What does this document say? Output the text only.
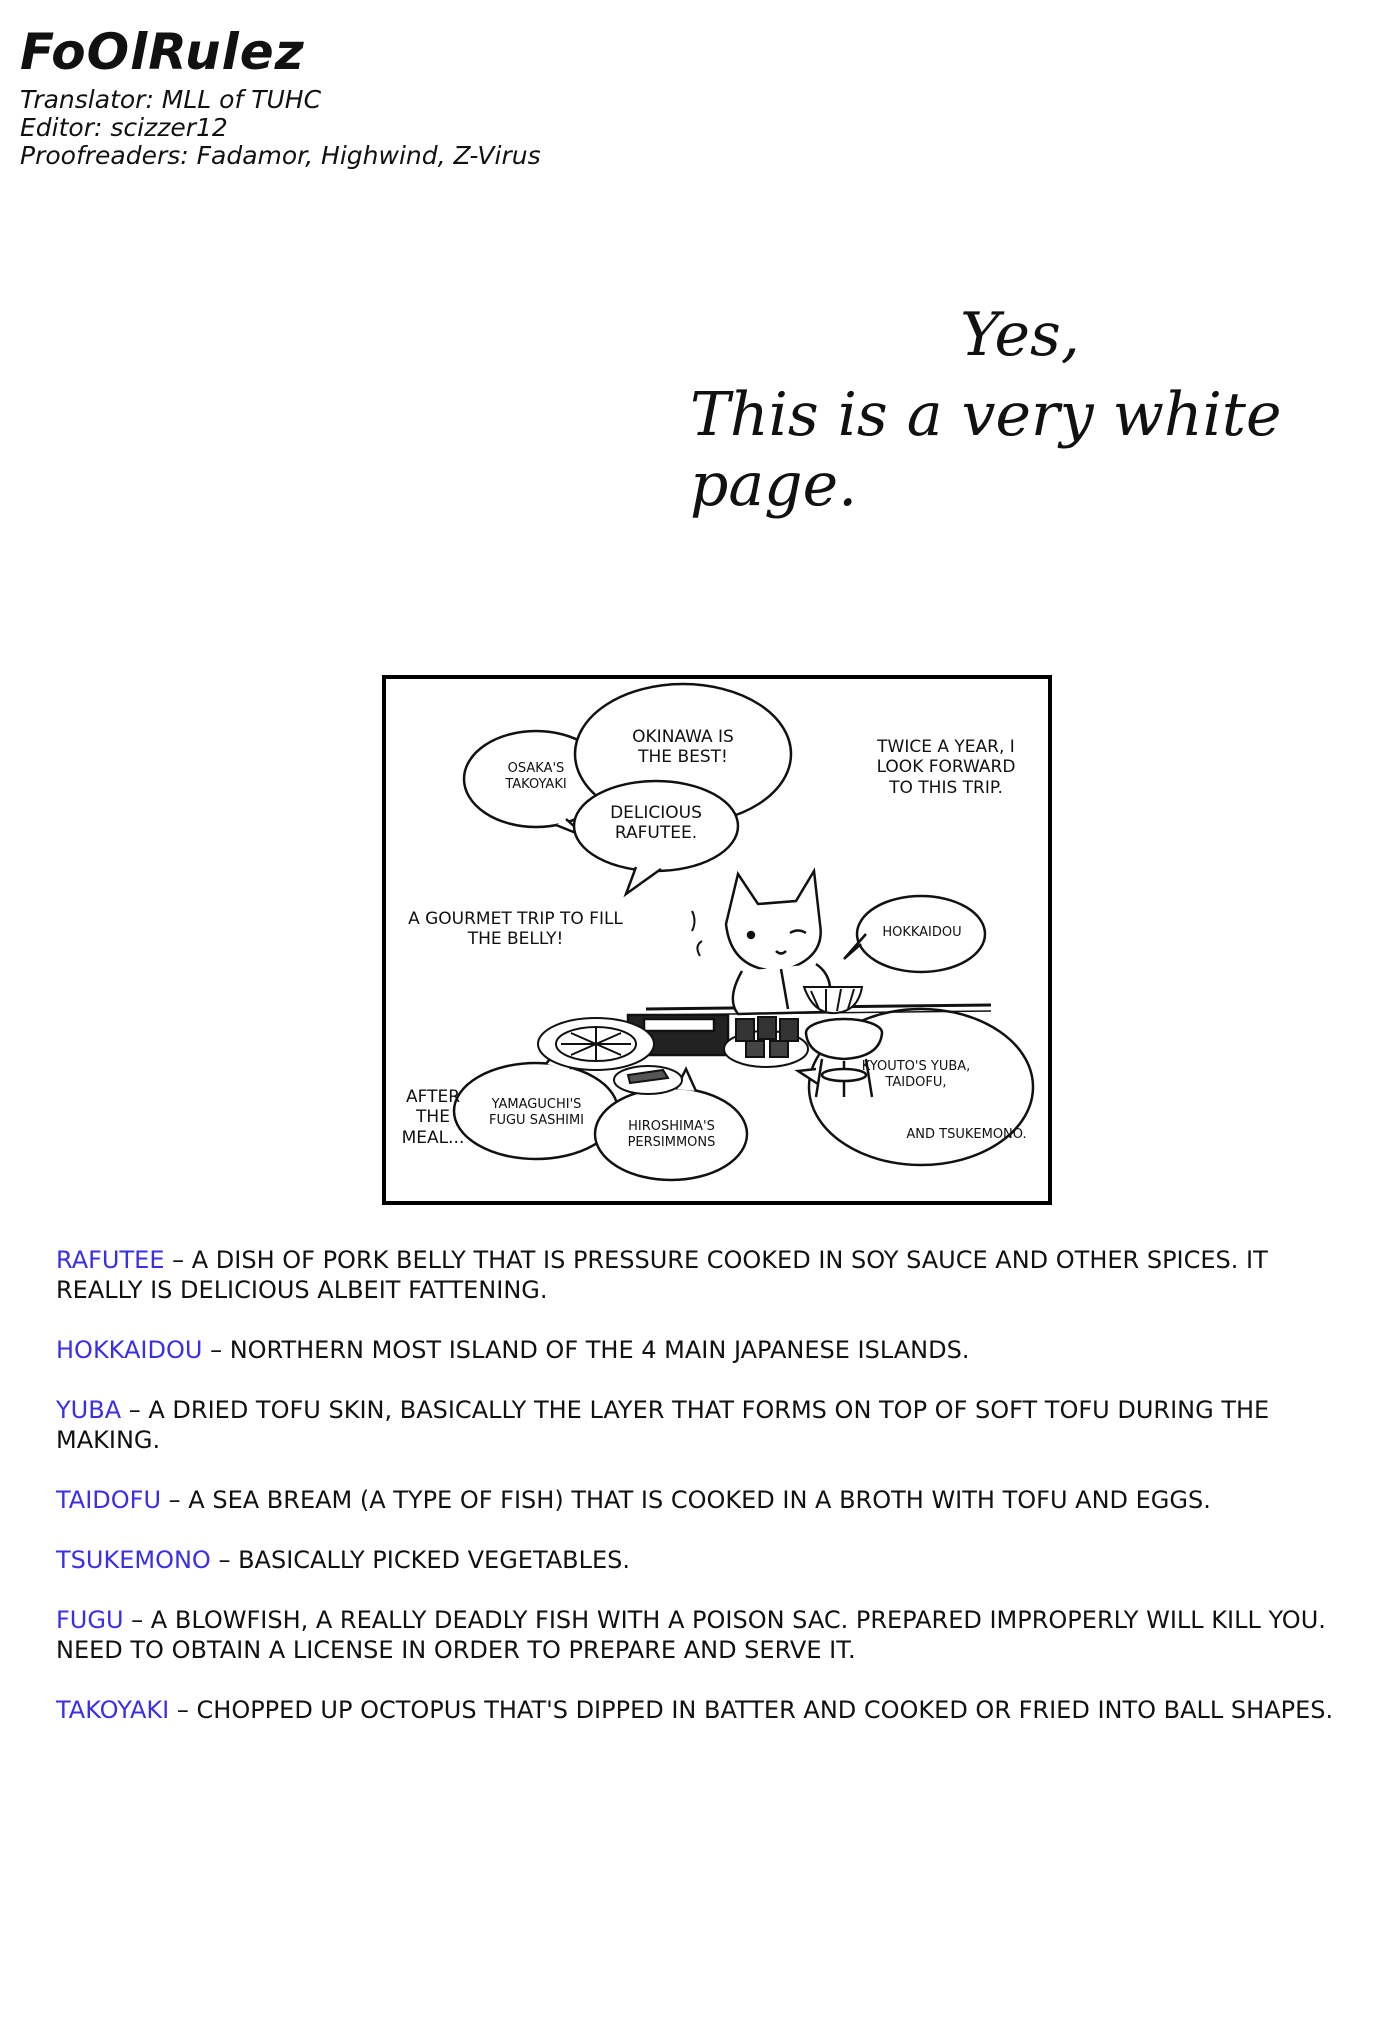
FoOlRulez
Translator: MLL of TUHC
Editor: scizzer12
Proofreaders: Fadamor, Highwind, Z-Virus
Yes,
This is a very white page.
OSAKA'S TAKOYAKI
OKINAWA IS THE BEST!
DELICIOUS RAFUTEE.
TWICE A YEAR, I LOOK FORWARD TO THIS TRIP.
A GOURMET TRIP TO FILL THE BELLY!	HOKKAIDOU
AFTER THE MEAL...
YAMAGUCHI'S FUGU SASHIMI	HIROSHIMA'S PERSIMMONS
KYOUTO'S YUBA, TAIDOFU,
AND TSUKEMONO.
RAFUTEE – A DISH OF PORK BELLY THAT IS PRESSURE COOKED IN SOY SAUCE AND OTHER SPICES. IT REALLY IS DELICIOUS ALBEIT FATTENING.
HOKKAIDOU – NORTHERN MOST ISLAND OF THE 4 MAIN JAPANESE ISLANDS.
YUBA – A DRIED TOFU SKIN, BASICALLY THE LAYER THAT FORMS ON TOP OF SOFT TOFU DURING THE MAKING.
TAIDOFU – A SEA BREAM (A TYPE OF FISH) THAT IS COOKED IN A BROTH WITH TOFU AND EGGS.
TSUKEMONO – BASICALLY PICKED VEGETABLES.
FUGU – A BLOWFISH, A REALLY DEADLY FISH WITH A POISON SAC. PREPARED IMPROPERLY WILL KILL YOU. NEED TO OBTAIN A LICENSE IN ORDER TO PREPARE AND SERVE IT.
TAKOYAKI – CHOPPED UP OCTOPUS THAT'S DIPPED IN BATTER AND COOKED OR FRIED INTO BALL SHAPES.
